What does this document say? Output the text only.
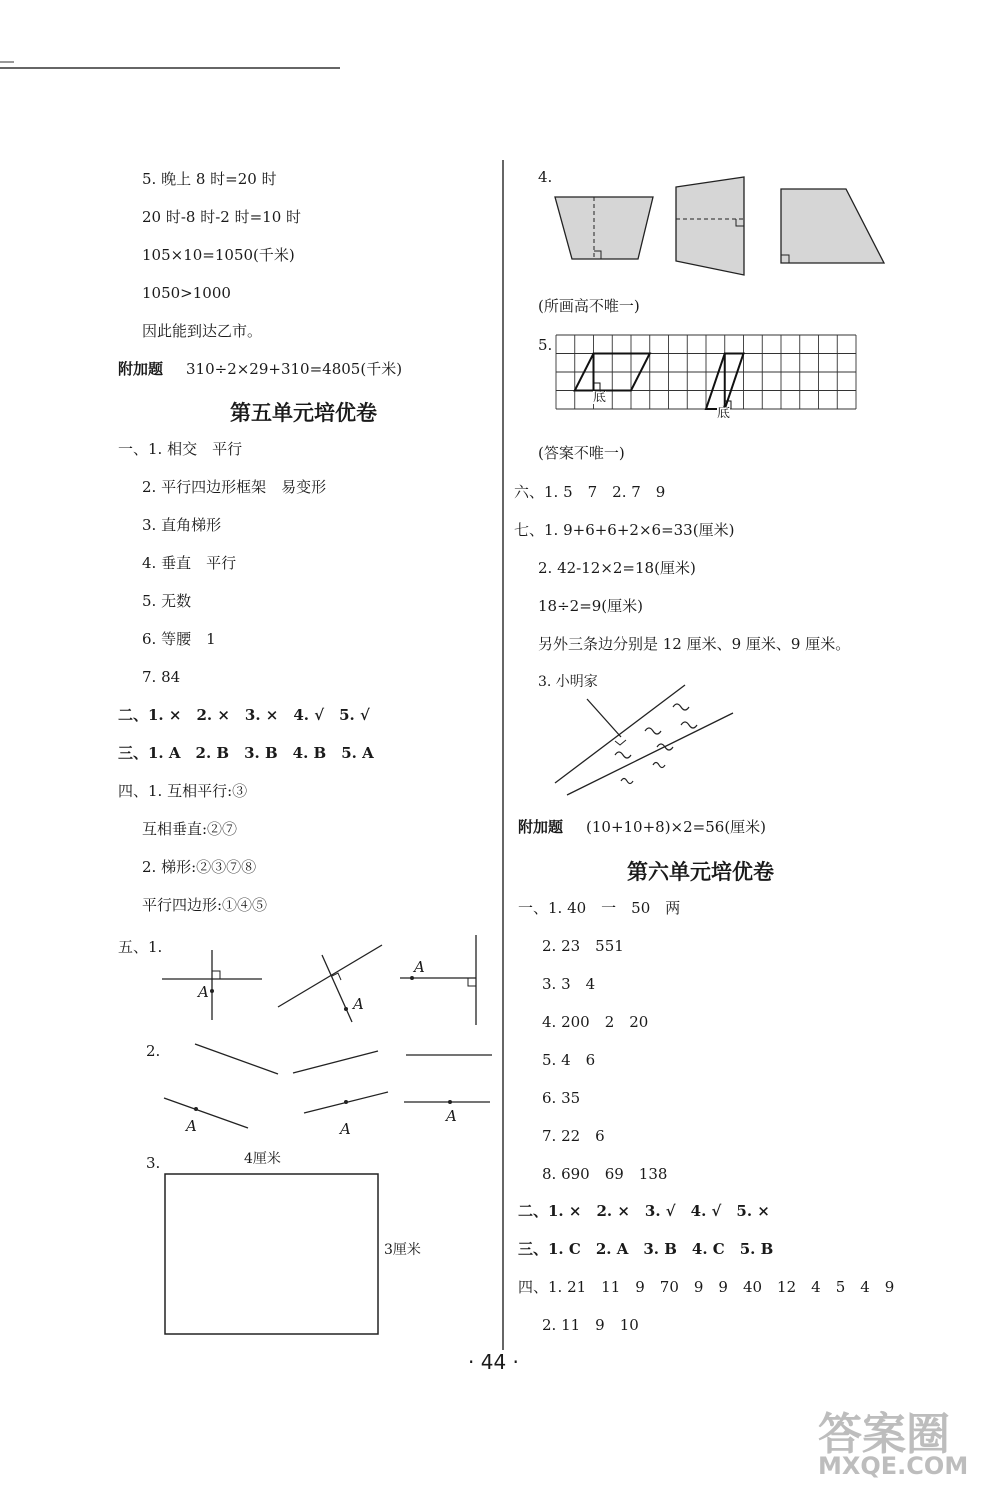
5. 晚上 8 时=20 时
20 时-8 时-2 时=10 时
105×10=1050(千米)
1050>1000
因此能到达乙市。
附加题 310÷2×29+310=4805(千米)
第五单元培优卷
一、1. 相交　平行
2. 平行四边形框架　易变形
3. 直角梯形
4. 垂直　平行
5. 无数
6. 等腰　1
7. 84
二、1. ×　2. ×　3. ×　4. √　5. √
三、1. A　2. B　3. B　4. B　5. A
四、1. 互相平行:③
互相垂直:②⑦
2. 梯形:②③⑦⑧
平行四边形:①④⑤
五、1.
A
A
A
2.
A	A
A
3.	4厘米
3厘米
4.
(所画高不唯一)
5.
底
底
(答案不唯一)
六、1. 5　7　2. 7　9
七、1. 9+6+6+2×6=33(厘米)
2. 42-12×2=18(厘米)
18÷2=9(厘米)
另外三条边分别是 12 厘米、9 厘米、9 厘米。
3. 小明家
附加题 (10+10+8)×2=56(厘米)
第六单元培优卷
一、1. 40　一　50　两
2. 23　551
3. 3　4
4. 200　2　20
5. 4　6
6. 35
7. 22　6
8. 690　69　138
二、1. ×　2. ×　3. √　4. √　5. ×
三、1. C　2. A　3. B　4. C　5. B
四、1. 21　11　9　70　9　9　40　12　4　5　4　9
2. 11　9　10
· 44 ·
答案圈
MXQE.COM
